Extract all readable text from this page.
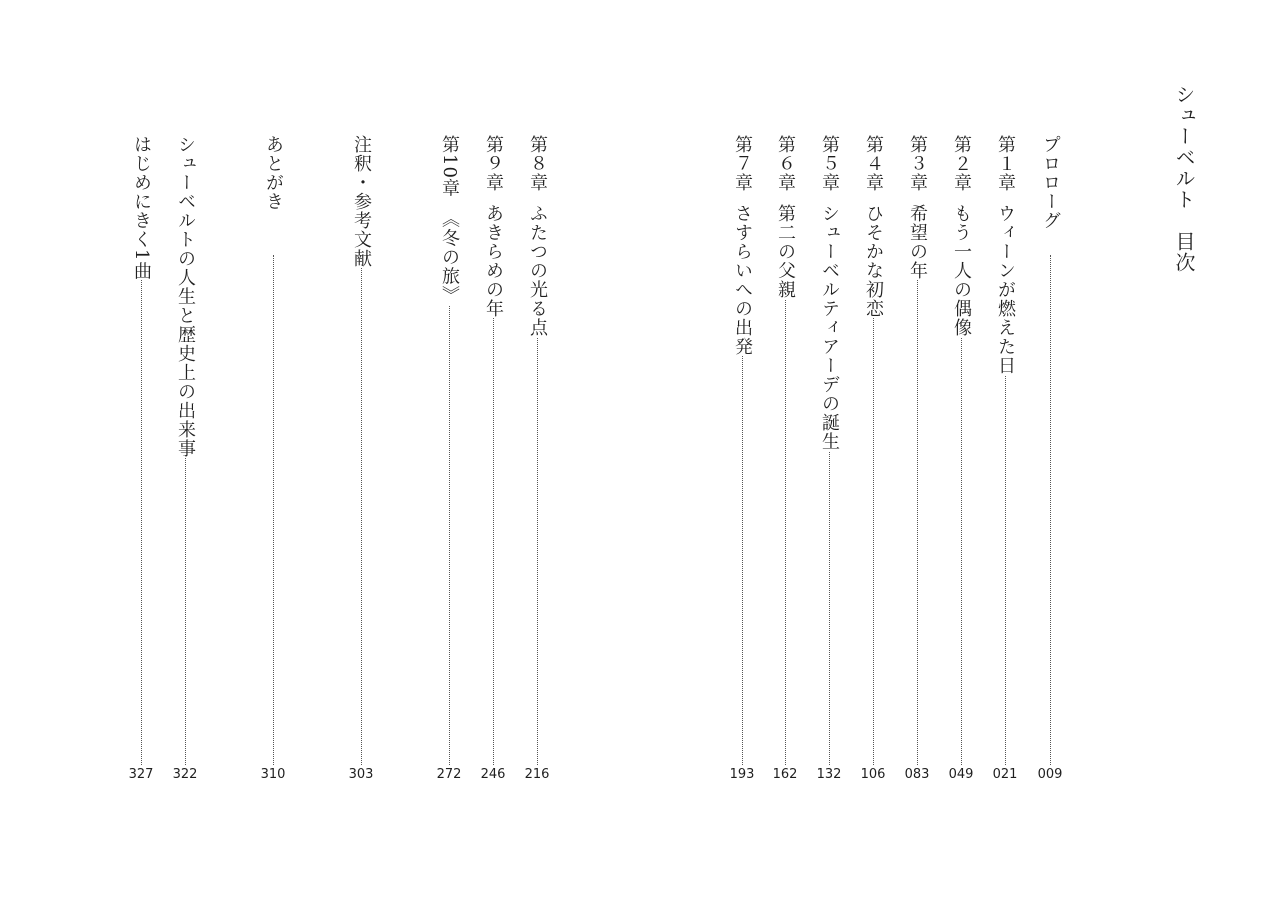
シューベルト　目次
プロローグ
009
第１章ウィーンが燃えた日
021
第２章もう一人の偶像
049
第３章希望の年
083
第４章ひそかな初恋
106
第５章シューベルティアーデの誕生
132
第６章第二の父親
162
第７章さすらいへの出発
193
第８章ふたつの光る点
216
第９章あきらめの年
246
第10章《冬の旅》
272
注釈・参考文献
303
あとがき
310
シューベルトの人生と歴史上の出来事
322
はじめにきく1曲
327
